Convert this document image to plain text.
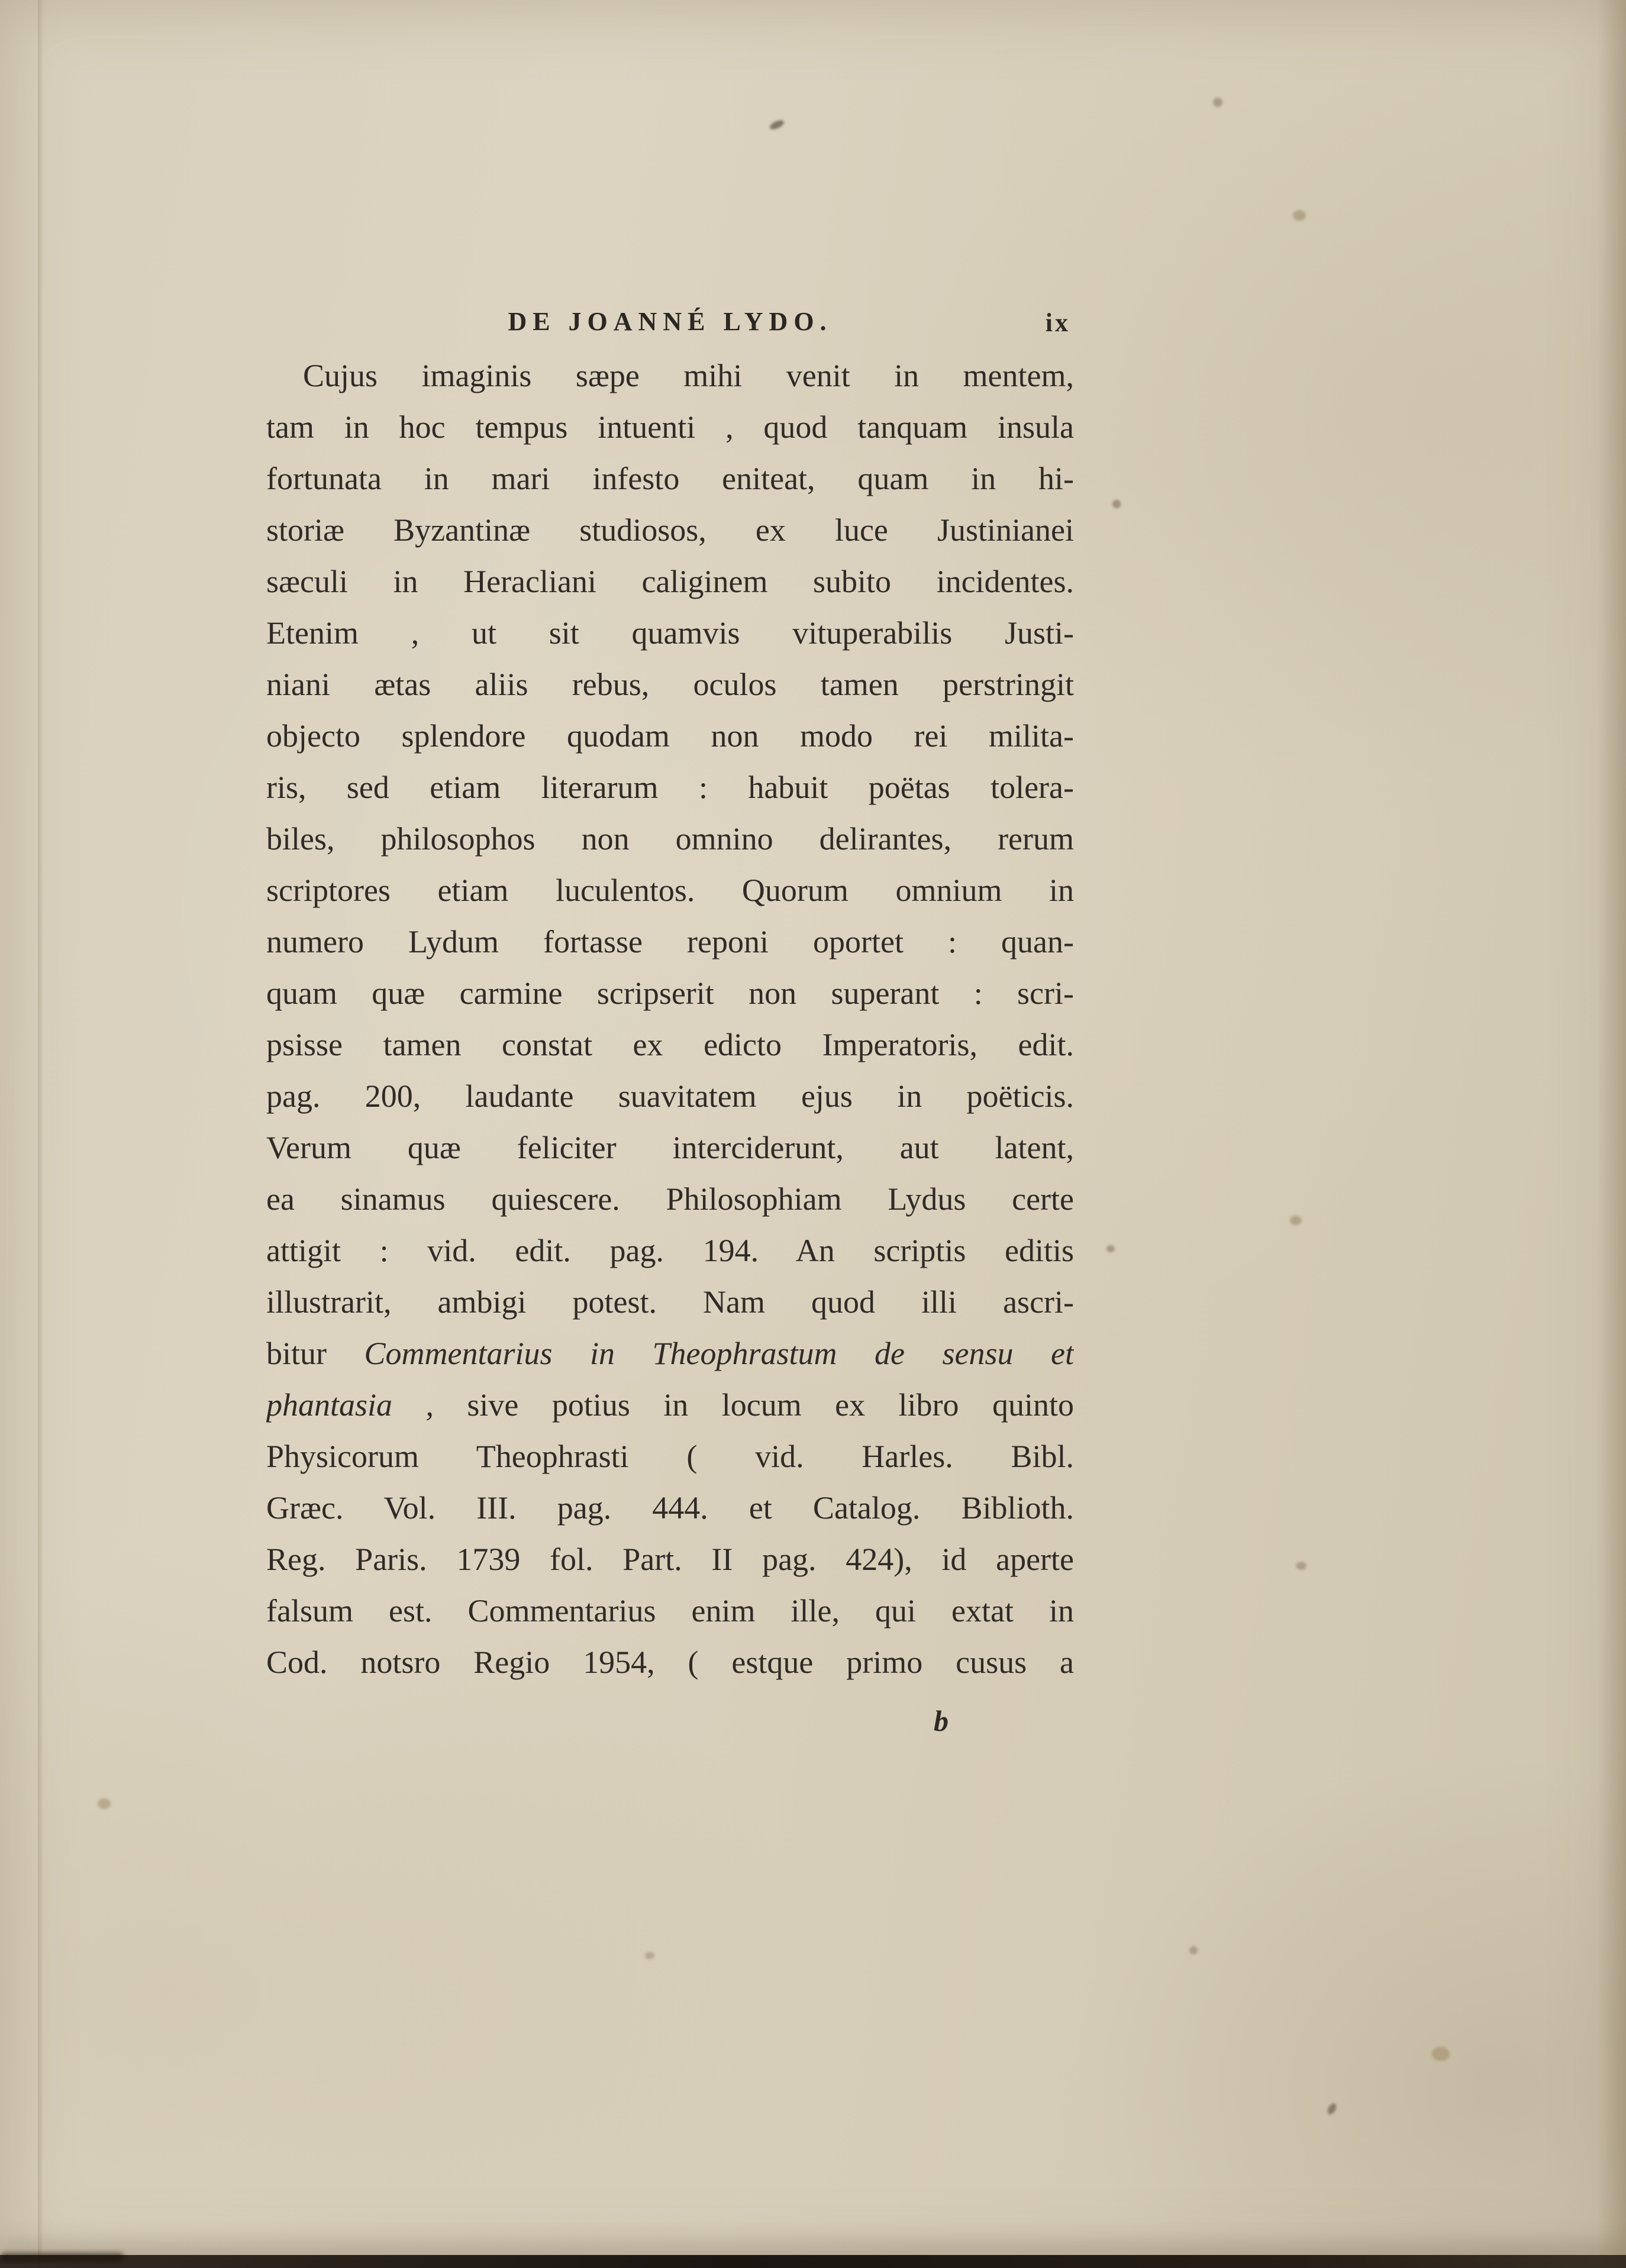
DE JOANNÉ LYDO.	ix
Cujus imaginis sæpe mihi venit in mentem,
tam in hoc tempus intuenti , quod tanquam insula
fortunata in mari infesto eniteat, quam in hi-
storiæ Byzantinæ studiosos, ex luce Justinianei
sæculi in Heracliani caliginem subito incidentes.
Etenim , ut sit quamvis vituperabilis Justi-
niani ætas aliis rebus, oculos tamen perstringit
objecto splendore quodam non modo rei milita-
ris, sed etiam literarum : habuit poëtas tolera-
biles, philosophos non omnino delirantes, rerum
scriptores etiam luculentos. Quorum omnium in
numero Lydum fortasse reponi oportet : quan-
quam quæ carmine scripserit non superant : scri-
psisse tamen constat ex edicto Imperatoris, edit.
pag. 200, laudante suavitatem ejus in poëticis.
Verum quæ feliciter interciderunt, aut latent,
ea sinamus quiescere. Philosophiam Lydus certe
attigit : vid. edit. pag. 194. An scriptis editis
illustrarit, ambigi potest. Nam quod illi ascri-
bitur Commentarius in Theophrastum de sensu et
phantasia , sive potius in locum ex libro quinto
Physicorum Theophrasti ( vid. Harles. Bibl.
Græc. Vol. III. pag. 444. et Catalog. Biblioth.
Reg. Paris. 1739 fol. Part. II pag. 424), id aperte
falsum est. Commentarius enim ille, qui extat in
Cod. notsro Regio 1954, ( estque primo cusus a
b
